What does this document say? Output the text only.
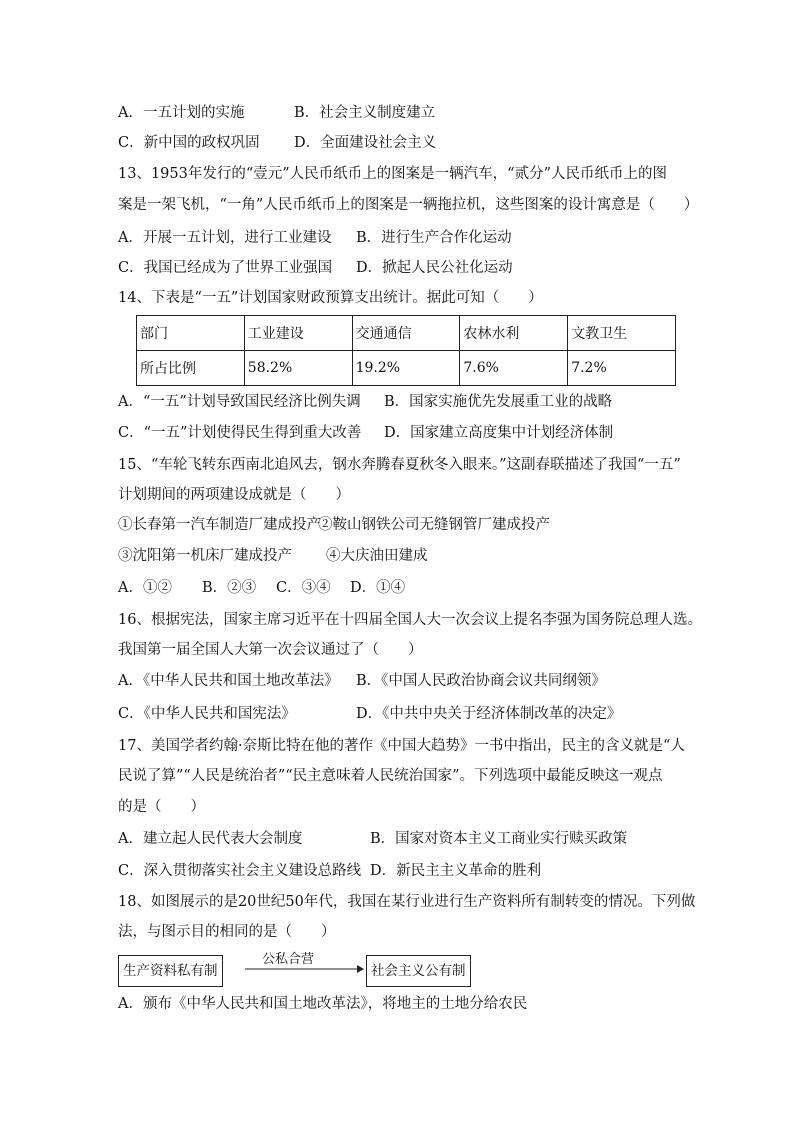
A．一五计划的实施	B．社会主义制度建立
C．新中国的政权巩固 D．全面建设社会主义
13、1953年发行的“壹元”人民币纸币上的图案是一辆汽车，“贰分”人民币纸币上的图
案是一架飞机，“一角”人民币纸币上的图案是一辆拖拉机，这些图案的设计寓意是（　　）
A．开展一五计划，进行工业建设 B．进行生产合作化运动
C．我国已经成为了世界工业强国 D．掀起人民公社化运动
14、下表是“一五”计划国家财政预算支出统计。据此可知（　　）
部门	工业建设	交通通信	农林水利	文教卫生
所占比例	58.2%	19.2%	7.6%	7.2%
A．“一五”计划导致国民经济比例失调 B．国家实施优先发展重工业的战略
C．“一五”计划使得民生得到重大改善 D．国家建立高度集中计划经济体制
15、“车轮飞转东西南北追风去，钢水奔腾春夏秋冬入眼来。”这副春联描述了我国“一五”
计划期间的两项建设成就是（　　）
①长春第一汽车制造厂建成投产
②鞍山钢铁公司无缝钢管厂建成投产
③沈阳第一机床厂建成投产 ④大庆油田建成
A．①② B．②③ C．③④ D．①④
16、根据宪法，国家主席习近平在十四届全国人大一次会议上提名李强为国务院总理人选。
我国第一届全国人大第一次会议通过了（　　）
A．《中华人民共和国土地改革法》 B．《中国人民政治协商会议共同纲领》
C．《中华人民共和国宪法》	D．《中共中央关于经济体制改革的决定》
17、美国学者约翰·奈斯比特在他的著作《中国大趋势》一书中指出，民主的含义就是“人
民说了算”“人民是统治者”“民主意味着人民统治国家”。下列选项中最能反映这一观点
的是（　　）
A．建立起人民代表大会制度	B．国家对资本主义工商业实行赎买政策
C．深入贯彻落实社会主义建设总路线 D．新民主主义革命的胜利
18、如图展示的是20世纪50年代，我国在某行业进行生产资料所有制转变的情况。下列做
法，与图示目的相同的是（　　）
生产资料私有制
公私合营
社会主义公有制
A．颁布《中华人民共和国土地改革法》，将地主的土地分给农民
